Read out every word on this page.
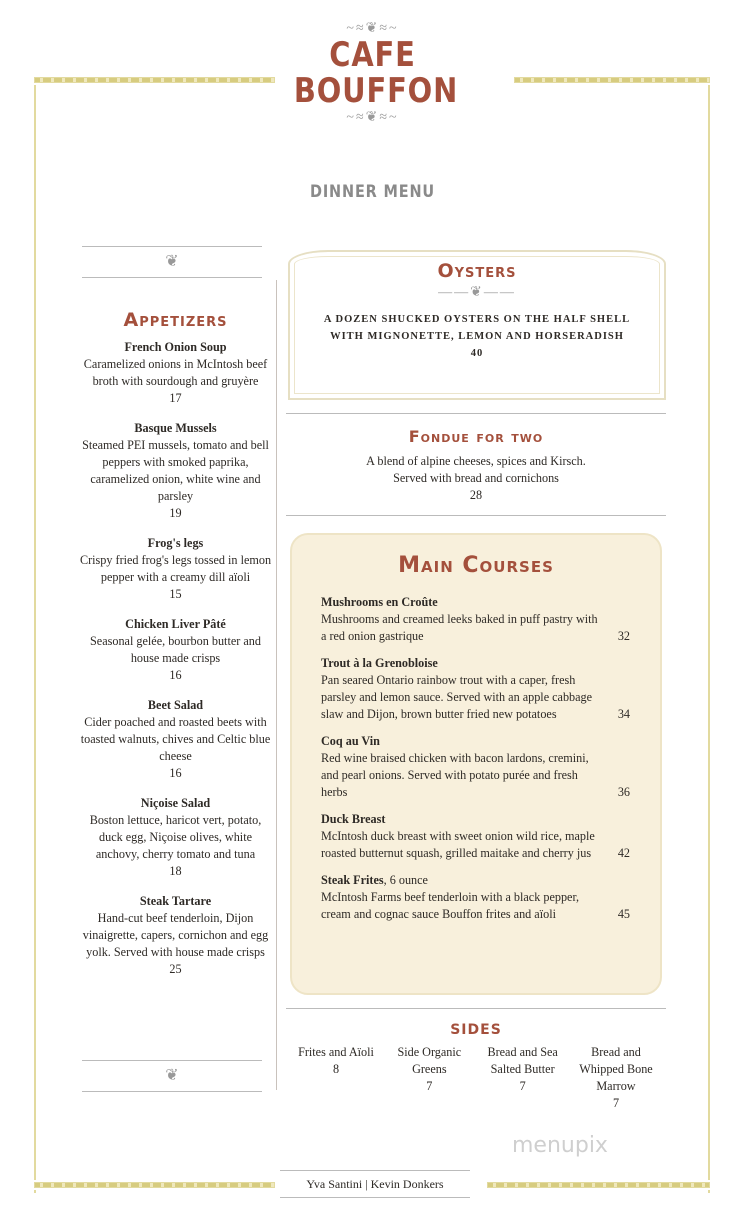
~≈❦≈~
CAFE
BOUFFON
~≈❦≈~
DINNER MENU
❦
Appetizers
French Onion Soup
Caramelized onions in McIntosh beef broth with sourdough and gruyère
17
Basque Mussels
Steamed PEI mussels, tomato and bell peppers with smoked paprika, caramelized onion, white wine and parsley
19
Frog's legs
Crispy fried frog's legs tossed in lemon pepper with a creamy dill aïoli
15
Chicken Liver Pâté
Seasonal gelée, bourbon butter and house made crisps
16
Beet Salad
Cider poached and roasted beets with toasted walnuts, chives and Celtic blue cheese
16
Niçoise Salad
Boston lettuce, haricot vert, potato, duck egg, Niçoise olives, white anchovy, cherry tomato and tuna
18
Steak Tartare
Hand-cut beef tenderloin, Dijon vinaigrette, capers, cornichon and egg yolk. Served with house made crisps
25
❦
Oysters
——❦——
A DOZEN SHUCKED OYSTERS ON THE HALF SHELL
WITH MIGNONETTE, LEMON AND HORSERADISH
40
Fondue for two
A blend of alpine cheeses, spices and Kirsch.
Served with bread and cornichons
28
Main Courses
Mushrooms en Croûte
Mushrooms and creamed leeks baked in puff pastry with a red onion gastrique	32
Trout à la Grenobloise
Pan seared Ontario rainbow trout with a caper, fresh parsley and lemon sauce. Served with an apple cabbage slaw and Dijon, brown butter fried new potatoes	34
Coq au Vin
Red wine braised chicken with bacon lardons, cremini, and pearl onions. Served with potato purée and fresh herbs	36
Duck Breast
McIntosh duck breast with sweet onion wild rice, maple roasted butternut squash, grilled maitake and cherry jus	42
Steak Frites, 6 ounce
McIntosh Farms beef tenderloin with a black pepper, cream and cognac sauce Bouffon frites and aïoli	45
SIDES
Frites and Aïoli
8
Side Organic Greens
7
Bread and Sea Salted Butter
7
Bread and Whipped Bone Marrow
7
menupix
Yva Santini | Kevin Donkers
